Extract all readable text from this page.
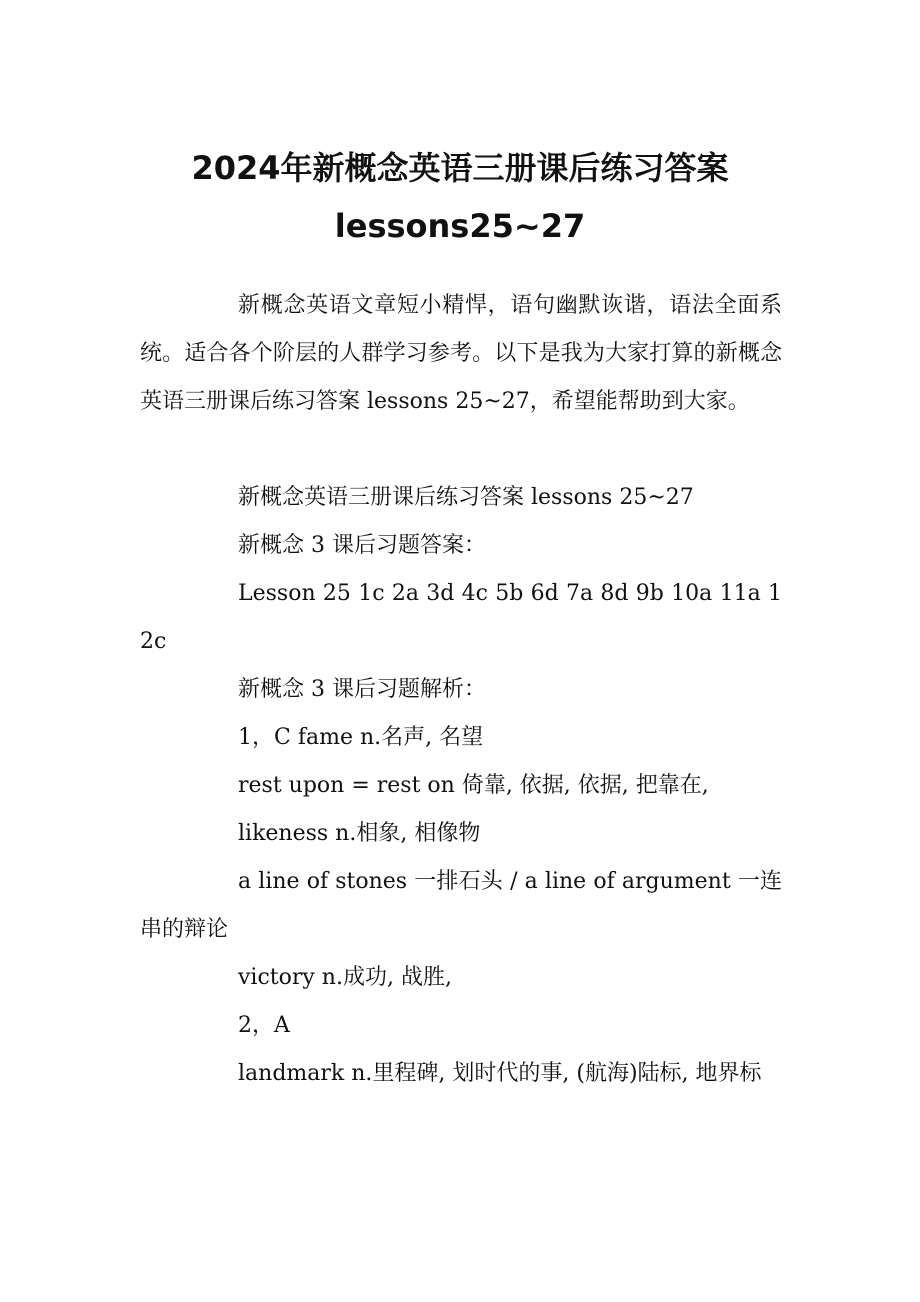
2024年新概念英语三册课后练习答案
lessons25~27

新概念英语文章短小精悍，语句幽默诙谐，语法全面系统。适合各个阶层的人群学习参考。以下是我为大家打算的新概念英语三册课后练习答案 lessons 25~27，希望能帮助到大家。

新概念英语三册课后练习答案 lessons 25~27

新概念 3 课后习题答案：

Lesson 25 1c 2a 3d 4c 5b 6d 7a 8d 9b 10a 11a 12c

新概念 3 课后习题解析：

1，C fame n.名声, 名望

rest upon = rest on 倚靠, 依据, 依据, 把靠在,

likeness n.相象, 相像物

a line of stones 一排石头 / a line of argument 一连串的辩论

victory n.成功, 战胜,

2，A

landmark n.里程碑, 划时代的事, (航海)陆标, 地界标
